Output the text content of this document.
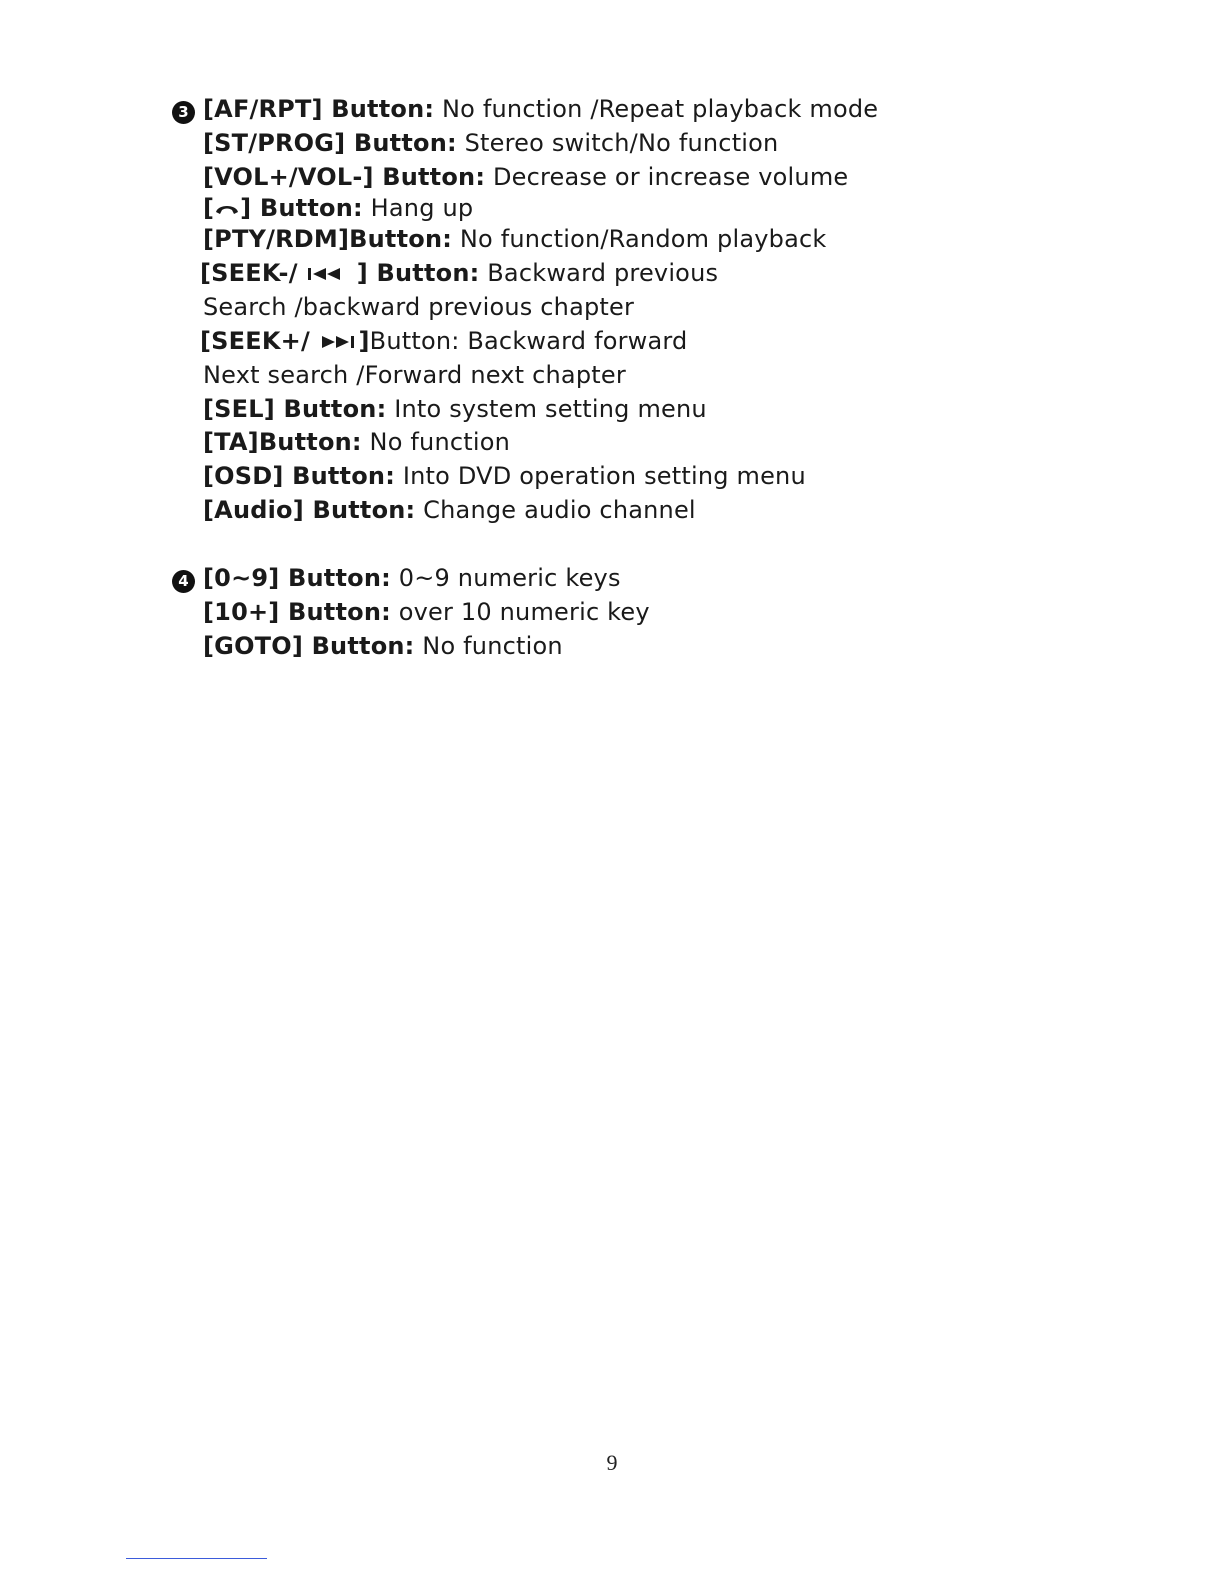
3 [AF/RPT] Button: No function /Repeat playback mode
[ST/PROG] Button: Stereo switch/No function
[VOL+/VOL-] Button: Decrease or increase volume
[ ] Button: Hang up
[PTY/RDM]Button: No function/Random playback
[SEEK-/  ] Button: Backward previous
Search /backward previous chapter
[SEEK+/ ]Button: Backward forward
Next search /Forward next chapter
[SEL] Button: Into system setting menu
[TA]Button: No function
[OSD] Button: Into DVD operation setting menu
[Audio] Button: Change audio channel
4 [0~9] Button: 0~9 numeric keys
[10+] Button: over 10 numeric key
[GOTO] Button: No function
9
